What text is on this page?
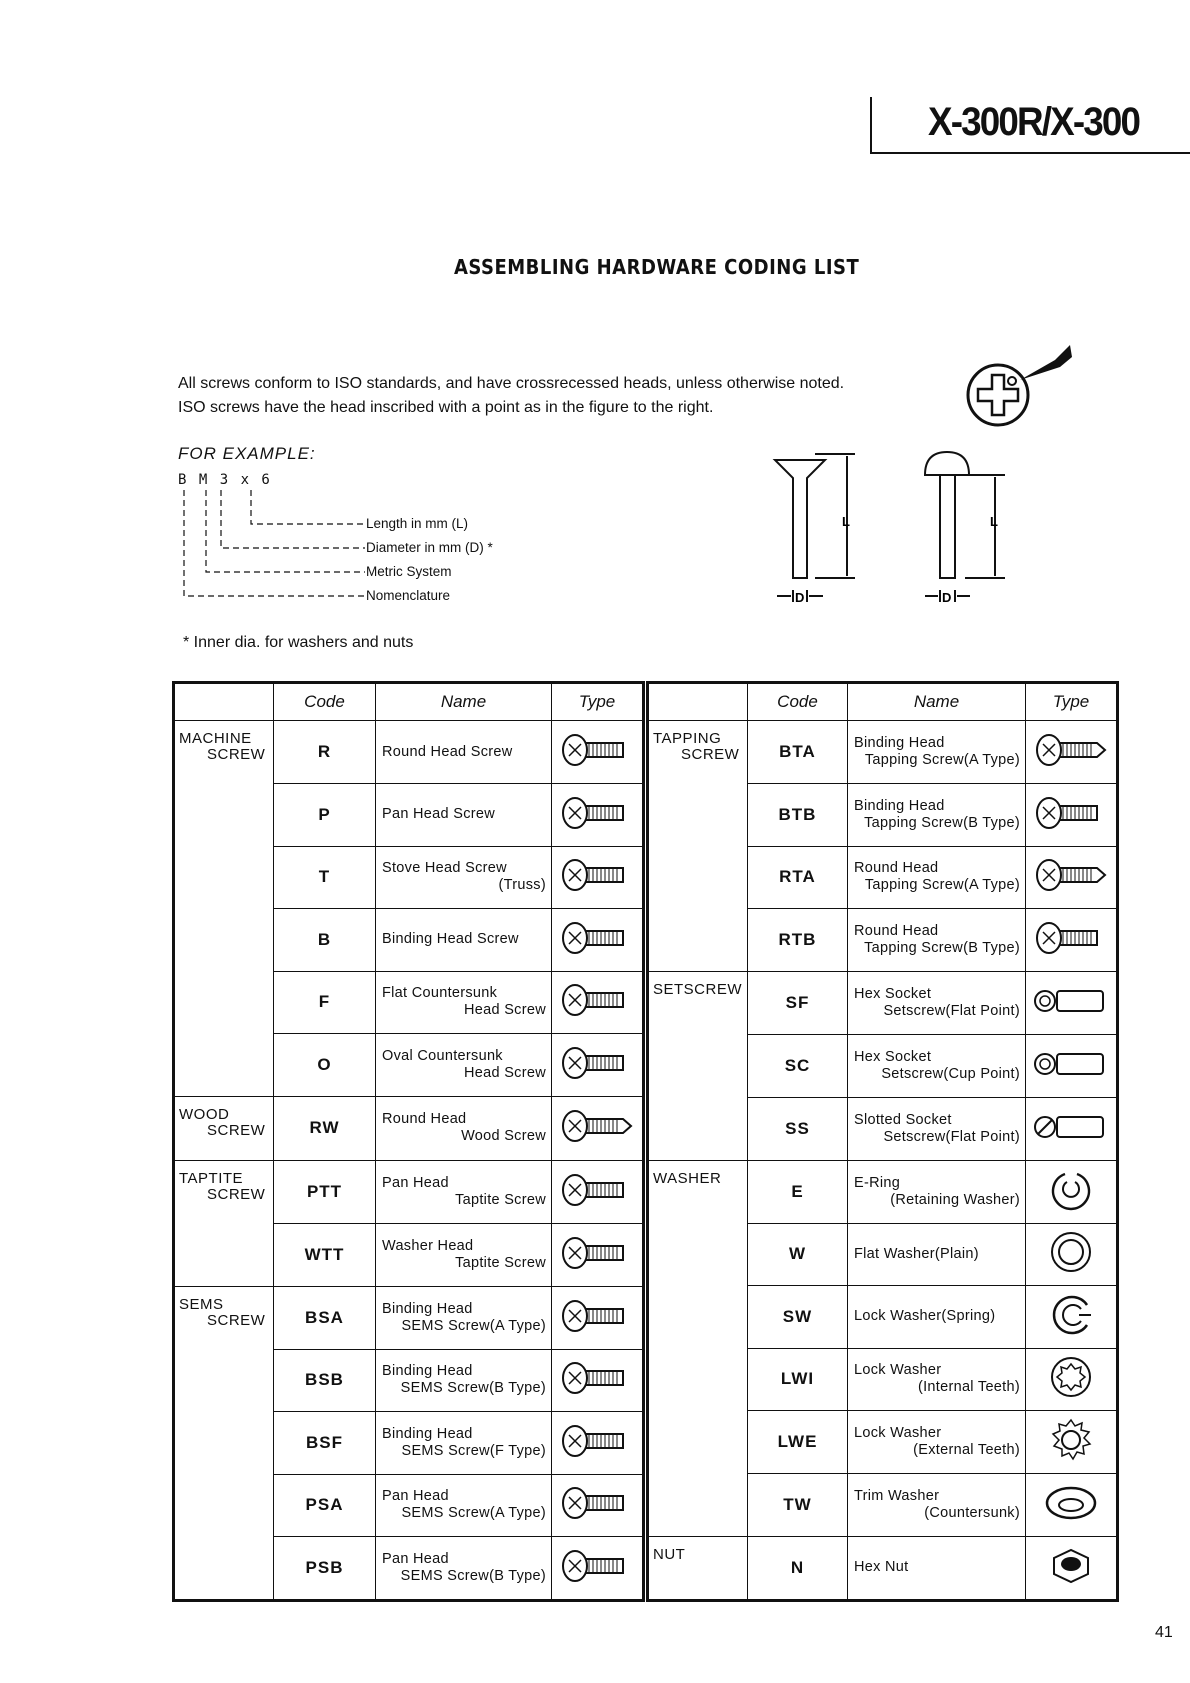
X-300R/X-300
ASSEMBLING HARDWARE CODING LIST
All screws conform to ISO standards, and have crossrecessed heads, unless otherwise noted.
ISO screws have the head inscribed with a point as in the figure to the right.
FOR EXAMPLE:
B M 3 x 6
Length in mm (L)
Diameter in mm (D) *
Metric System
Nomenclature
* Inner dia. for washers and nuts
L	L
D	D
	Code	Name	Type

MACHINE
SCREW	R	Round Head Screw

	P	Pan Head Screw

	T	Stove Head Screw
(Truss)

	B	Binding Head Screw

	F	Flat Countersunk
Head Screw

	O	Oval Countersunk
Head Screw

WOOD
SCREW	RW	Round Head
Wood Screw

TAPTITE
SCREW	PTT	Pan Head
Taptite Screw

	WTT	Washer Head
Taptite Screw

SEMS
SCREW	BSA	Binding Head
SEMS Screw(A Type)

	BSB	Binding Head
SEMS Screw(B Type)

	BSF	Binding Head
SEMS Screw(F Type)

	PSA	Pan Head
SEMS Screw(A Type)

	PSB	Pan Head
SEMS Screw(B Type)

	Code	Name	Type

TAPPING
SCREW	BTA	Binding Head
Tapping Screw(A Type)

	BTB	Binding Head
Tapping Screw(B Type)

	RTA	Round Head
Tapping Screw(A Type)

	RTB	Round Head
Tapping Screw(B Type)

SETSCREW	SF	Hex Socket
Setscrew(Flat Point)

	SC	Hex Socket
Setscrew(Cup Point)

	SS	Slotted Socket
Setscrew(Flat Point)

WASHER	E	E-Ring
(Retaining Washer)

	W	Flat Washer(Plain)

	SW	Lock Washer(Spring)

	LWI	Lock Washer
(Internal Teeth)

	LWE	Lock Washer
(External Teeth)

	TW	Trim Washer
(Countersunk)

NUT	N	Hex Nut

41
